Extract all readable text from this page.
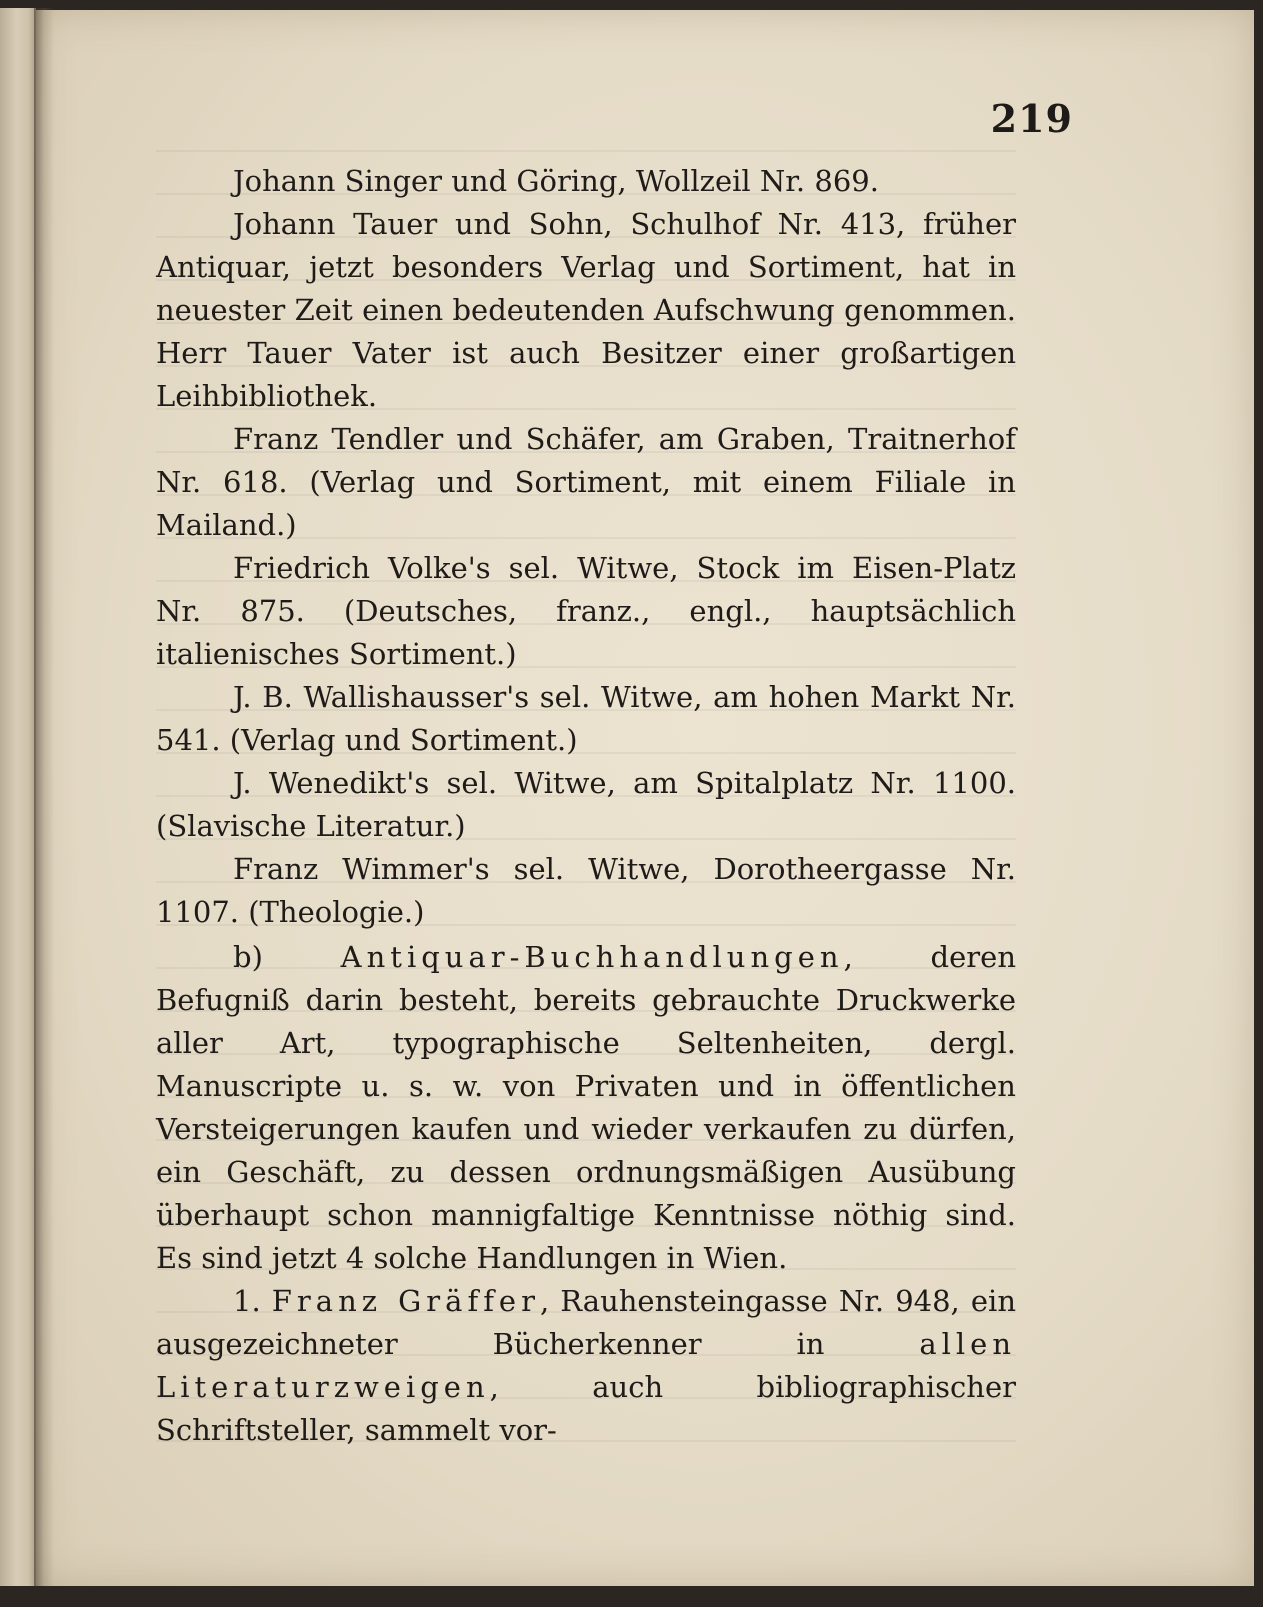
219

Johann Singer und Göring, Wollzeil Nr. 869.

Johann Tauer und Sohn, Schulhof Nr. 413, früher Antiquar, jetzt besonders Verlag und Sortiment, hat in neuester Zeit einen bedeutenden Aufschwung genommen. Herr Tauer Vater ist auch Besitzer einer großartigen Leihbibliothek.

Franz Tendler und Schäfer, am Graben, Traitnerhof Nr. 618. (Verlag und Sortiment, mit einem Filiale in Mailand.)

Friedrich Volke's sel. Witwe, Stock im Eisen-Platz Nr. 875. (Deutsches, franz., engl., hauptsächlich italienisches Sortiment.)

J. B. Wallishausser's sel. Witwe, am hohen Markt Nr. 541. (Verlag und Sortiment.)

J. Wenedikt's sel. Witwe, am Spitalplatz Nr. 1100. (Slavische Literatur.)

Franz Wimmer's sel. Witwe, Dorotheergasse Nr. 1107. (Theologie.)

b) Antiquar-Buchhandlungen, deren Befugniß darin besteht, bereits gebrauchte Druckwerke aller Art, typographische Seltenheiten, dergl. Manuscripte u. s. w. von Privaten und in öffentlichen Versteigerungen kaufen und wieder verkaufen zu dürfen, ein Geschäft, zu dessen ordnungsmäßigen Ausübung überhaupt schon mannigfaltige Kenntnisse nöthig sind. Es sind jetzt 4 solche Handlungen in Wien.

1. Franz Gräffer, Rauhensteingasse Nr. 948, ein ausgezeichneter Bücherkenner in allen Literaturzweigen, auch bibliographischer Schriftsteller, sammelt vor-
